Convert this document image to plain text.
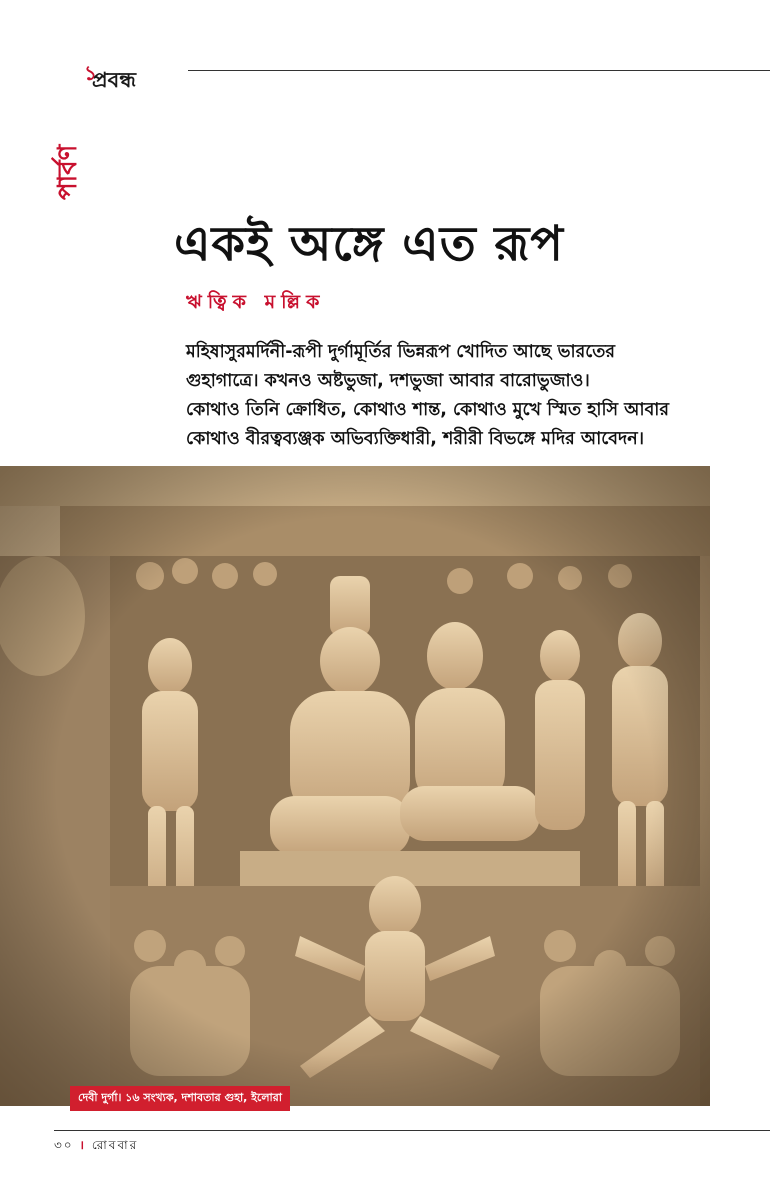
পার্বণ
১
প্রবন্ধ
একই অঙ্গে এত রূপ
ঋত্বিক মল্লিক
মহিষাসুরমর্দিনী-রূপী দুর্গামূর্তির ভিন্নরূপ খোদিত আছে ভারতের
গুহাগাত্রে। কখনও অষ্টভুজা, দশভুজা আবার বারোভুজাও।
কোথাও তিনি ক্রোধিত, কোথাও শান্ত, কোথাও মুখে স্মিত হাসি আবার
কোথাও বীরত্বব্যঞ্জক অভিব্যক্তিধারী, শরীরী বিভঙ্গে মদির আবেদন।
দেবী দুর্গা। ১৬ সংখ্যক, দশাবতার গুহা, ইলোরা
৩০ । রোববার
